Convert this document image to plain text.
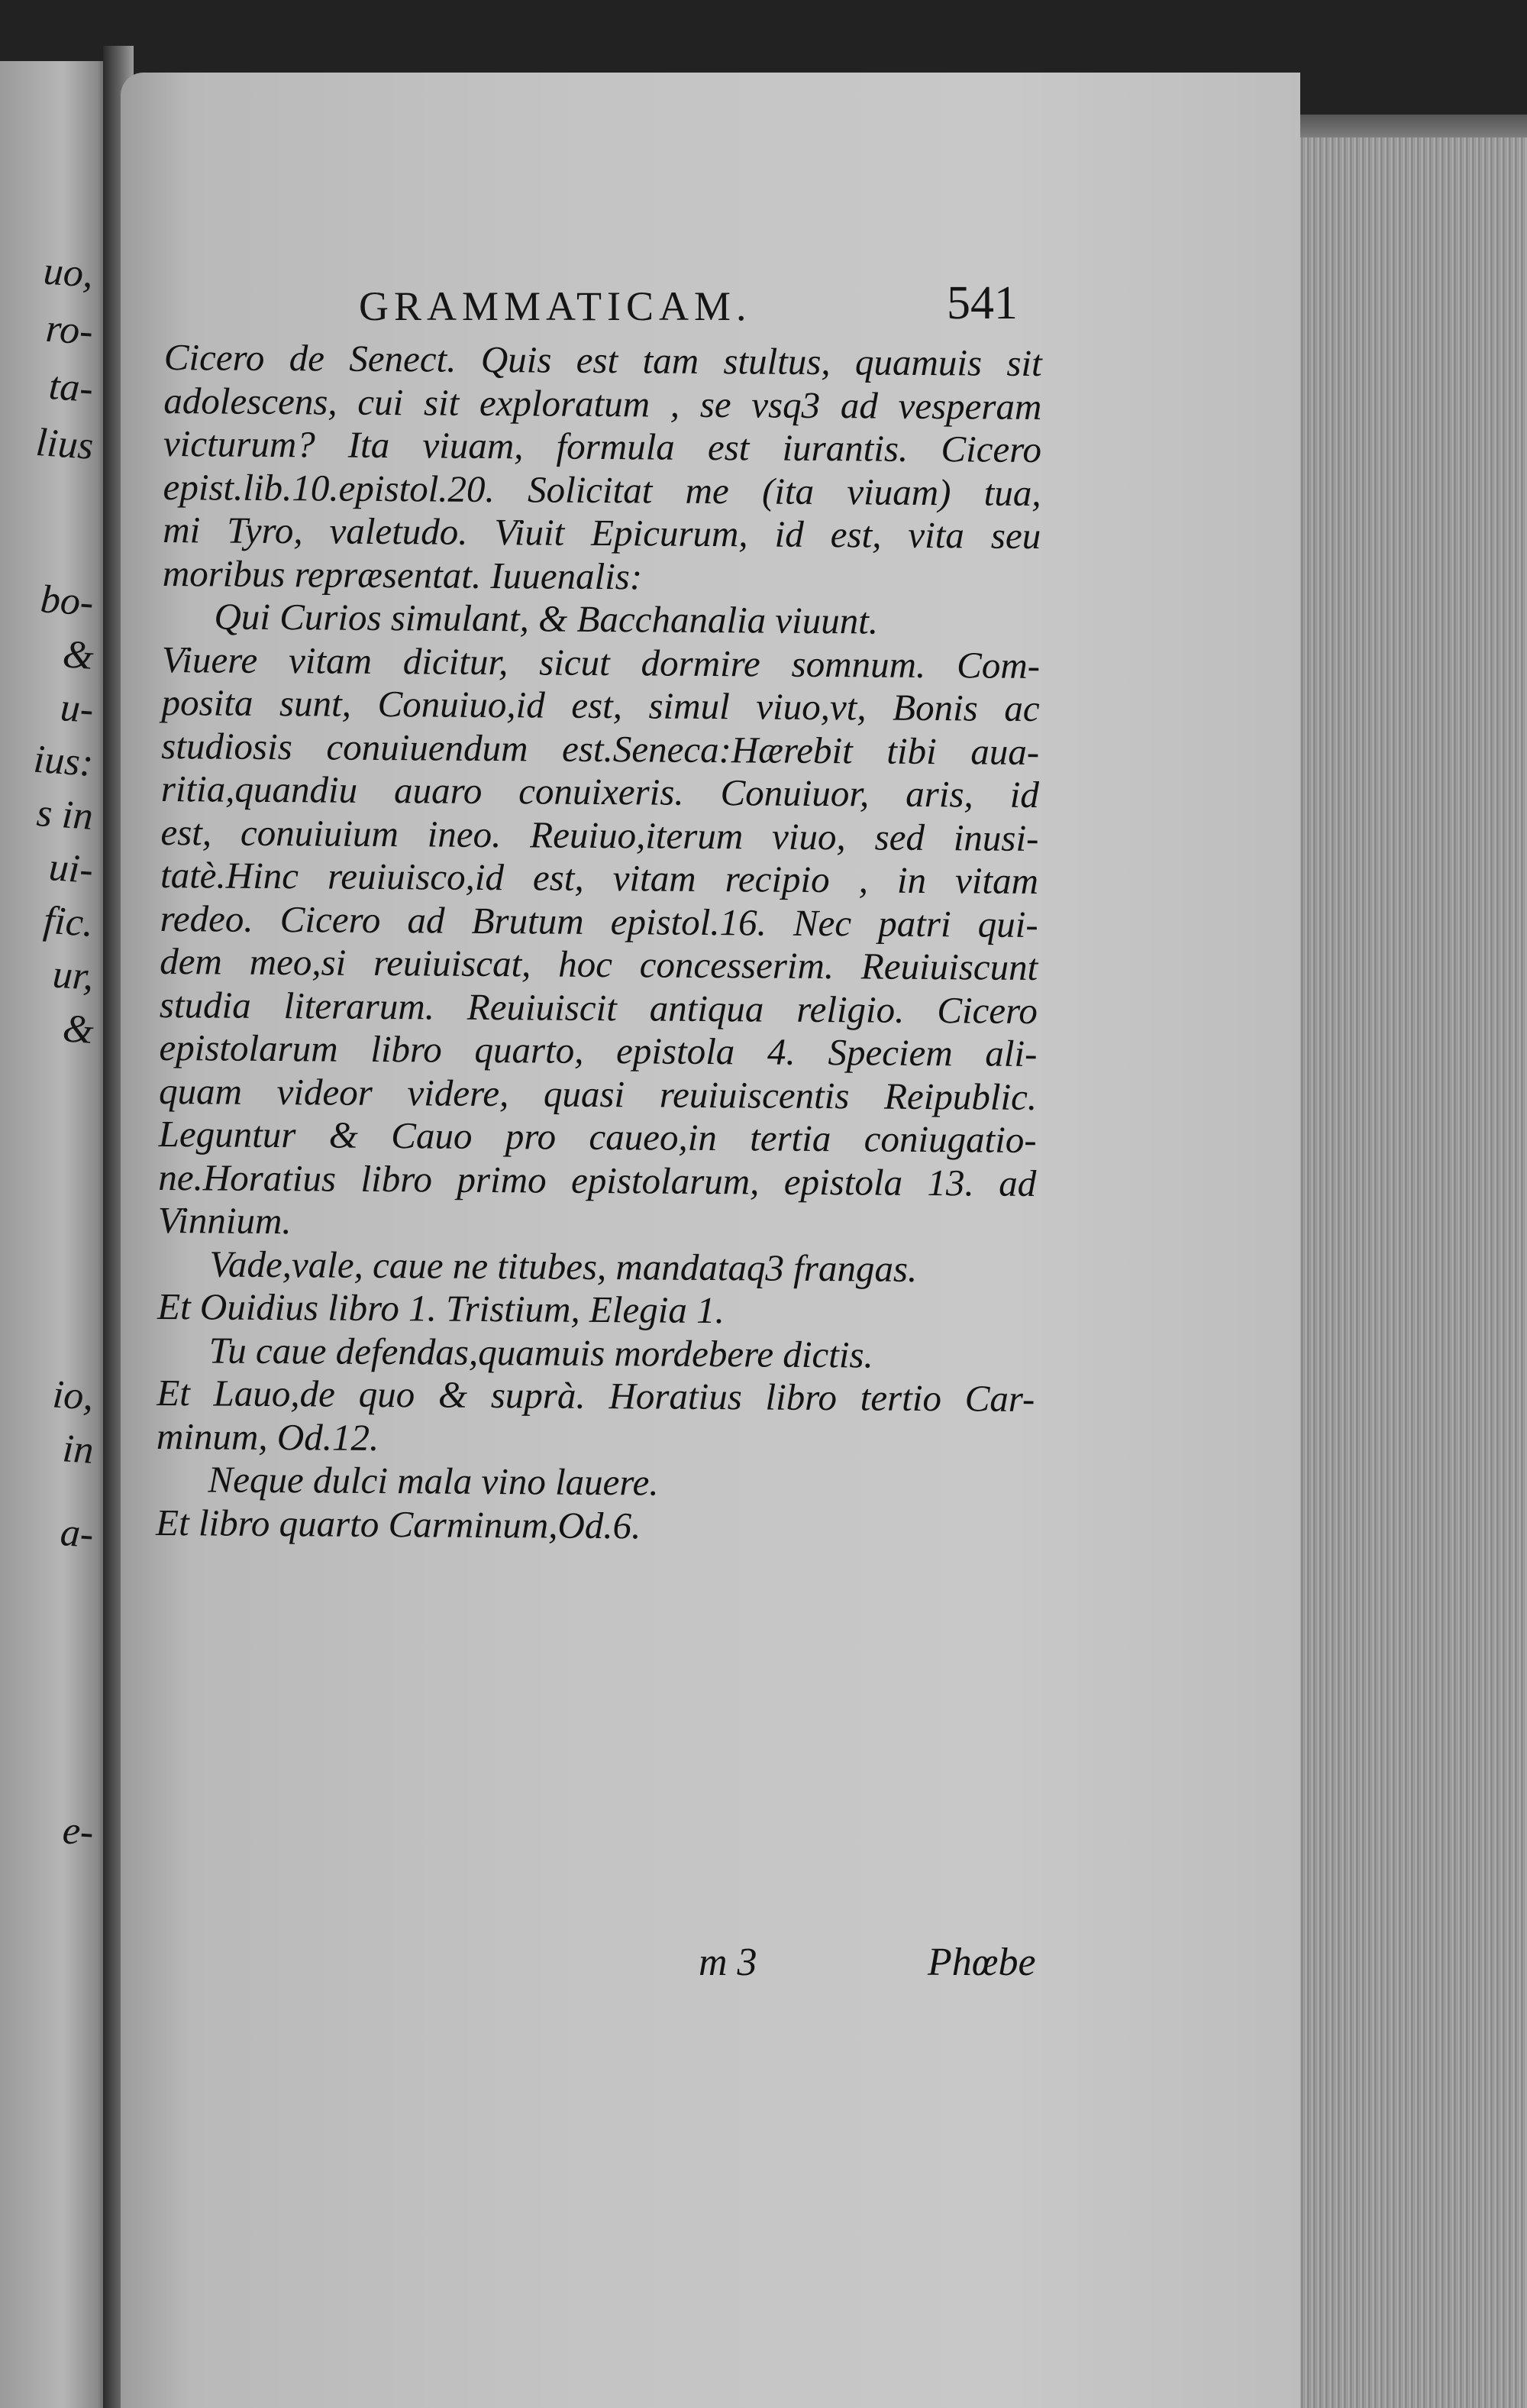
uo,
ro-
ta-
lius
bo-
&
u-
ius:
s in
ui-
fic.
ur,
&
io,
in
a-
e-
GRAMMATICAM.	541
Cicero de Senect. Quis est tam stultus, quamuis sit
adolescens, cui sit exploratum , se vsq3 ad vesperam
victurum? Ita viuam, formula est iurantis. Cicero
epist.lib.10.epistol.20. Solicitat me (ita viuam) tua,
mi Tyro, valetudo. Viuit Epicurum, id est, vita seu
moribus repræsentat. Iuuenalis:
Qui Curios simulant, & Bacchanalia viuunt.
Viuere vitam dicitur, sicut dormire somnum. Com-
posita sunt, Conuiuo,id est, simul viuo,vt, Bonis ac
studiosis conuiuendum est.Seneca:Hærebit tibi aua-
ritia,quandiu auaro conuixeris. Conuiuor, aris, id
est, conuiuium ineo. Reuiuo,iterum viuo, sed inusi-
tatè.Hinc reuiuisco,id est, vitam recipio , in vitam
redeo. Cicero ad Brutum epistol.16. Nec patri qui-
dem meo,si reuiuiscat, hoc concesserim. Reuiuiscunt
studia literarum. Reuiuiscit antiqua religio. Cicero
epistolarum libro quarto, epistola 4. Speciem ali-
quam videor videre, quasi reuiuiscentis Reipublic.
Leguntur & Cauo pro caueo,in tertia coniugatio-
ne.Horatius libro primo epistolarum, epistola 13. ad
Vinnium.
Vade,vale, caue ne titubes, mandataq3 frangas.
Et Ouidius libro 1. Tristium, Elegia 1.
Tu caue defendas,quamuis mordebere dictis.
Et Lauo,de quo & suprà. Horatius libro tertio Car-
minum, Od.12.
Neque dulci mala vino lauere.
Et libro quarto Carminum,Od.6.
m 3	Phœbe
